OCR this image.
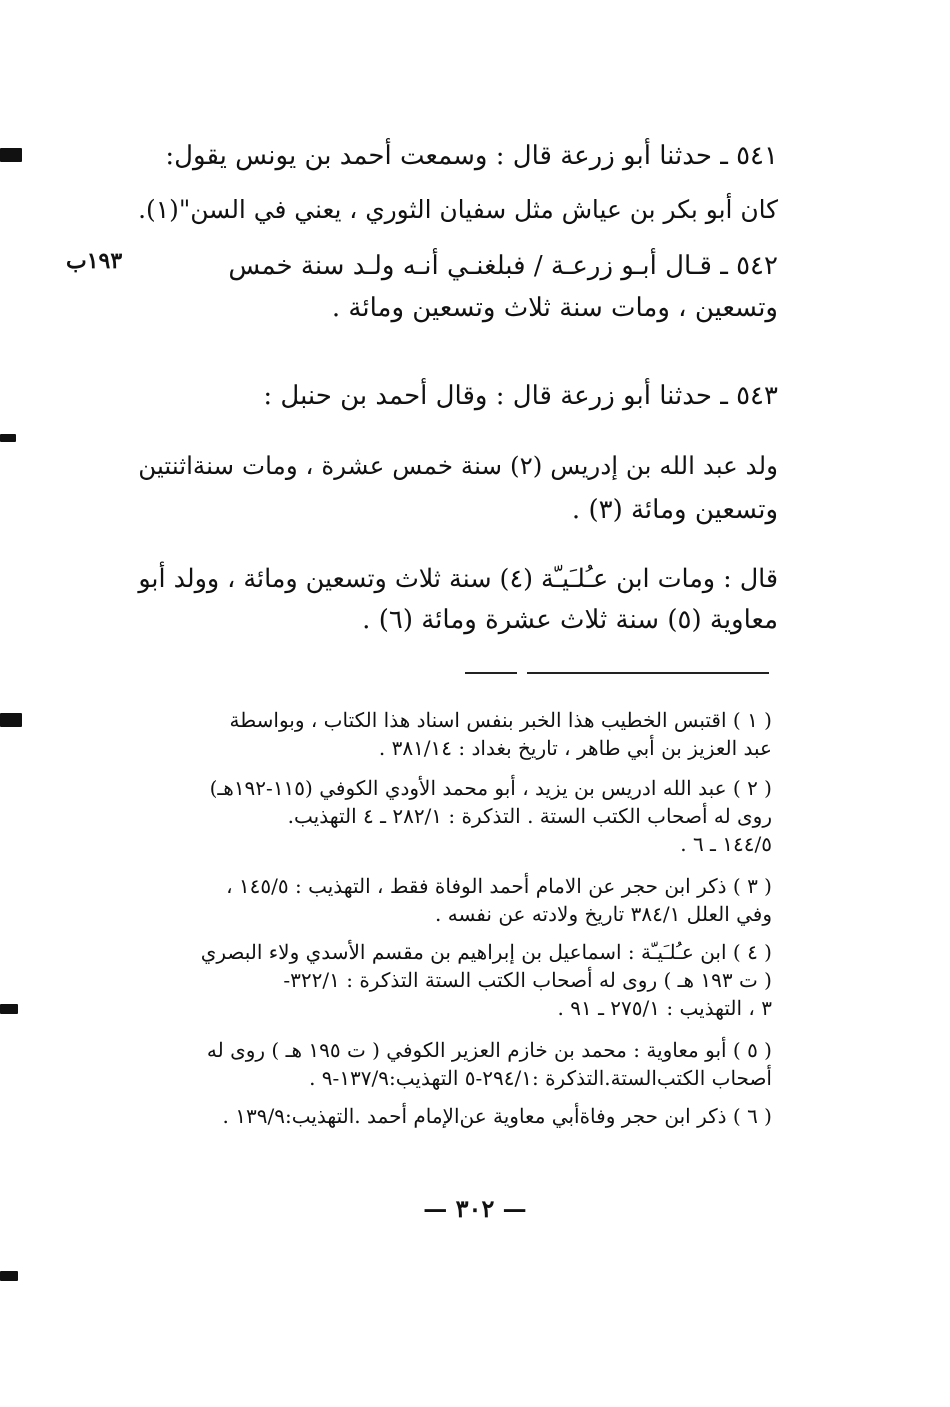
٥٤١ ـ حدثنا أبو زرعة قال : وسمعت أحمد بن يونس يقول:
كان أبو بكر بن عياش مثل سفيان الثوري ، يعني في السن"(١).
٥٤٢ ـ قـال أبـو زرعـة / فبلغنـي أنـه ولـد سنة خمس
١٩٣ب
وتسعين ، ومات سنة ثلاث وتسعين ومائة .
٥٤٣ ـ حدثنا أبو زرعة قال : وقال أحمد بن حنبل :
ولد عبد الله بن إدريس (٢) سنة خمس عشرة ، ومات سنةاثنتين
وتسعين ومائة (٣) .
قال : ومات ابن عـُلـَيـّة (٤) سنة ثلاث وتسعين ومائة ، وولد أبو
معاوية (٥) سنة ثلاث عشرة ومائة (٦) .
( ١ ) اقتبس الخطيب هذا الخبر بنفس اسناد هذا الكتاب ، وبواسطة
عبد العزيز بن أبي طاهر ، تاريخ بغداد : ٣٨١/١٤ .
( ٢ ) عبد الله ادريس بن يزيد ، أبو محمد الأودي الكوفي (١١٥-١٩٢هـ)
روى له أصحاب الكتب الستة . التذكرة : ٢٨٢/١ ـ ٤ التهذيب.
١٤٤/٥ ـ ٦ .
( ٣ ) ذكر ابن حجر عن الامام أحمد الوفاة فقط ، التهذيب : ١٤٥/٥ ،
وفي العلل ٣٨٤/١ تاريخ ولادته عن نفسه .
( ٤ ) ابن عـُلـَيـّة : اسماعيل بن إبراهيم بن مقسم الأسدي ولاء البصري
( ت ١٩٣ هـ ) روى له أصحاب الكتب الستة التذكرة : ٣٢٢/١-
٣ ، التهذيب : ٢٧٥/١ ـ ٩١ .
( ٥ ) أبو معاوية : محمد بن خازم العزير الكوفي ( ت ١٩٥ هـ ) روى له
أصحاب الكتب‌الستة.التذكرة :٢٩٤/١-٥ التهذيب:١٣٧/٩-٩ .
( ٦ ) ذكر ابن حجر وفاةأبي معاوية عن‌الإمام أحمد .التهذيب:١٣٩/٩ .
— ٣٠٢ —
